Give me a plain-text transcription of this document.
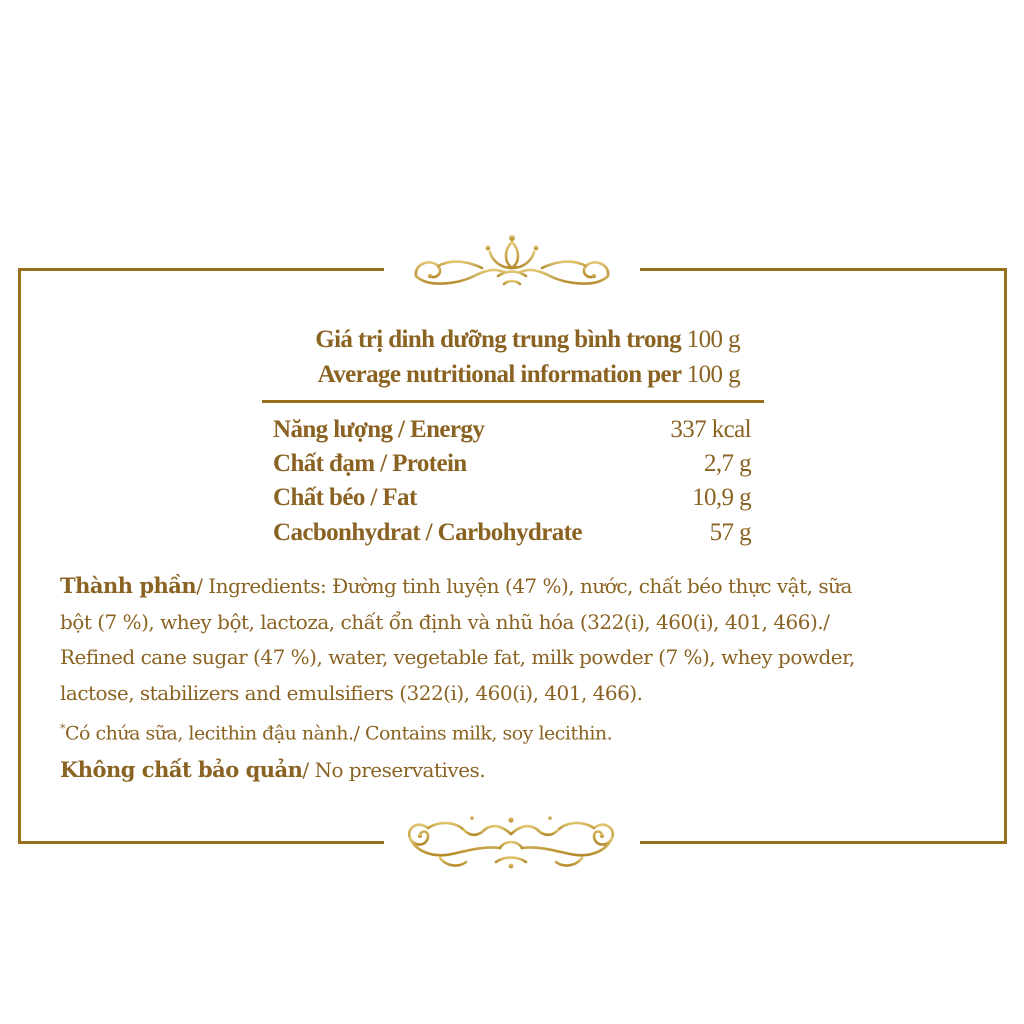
Giá trị dinh dưỡng trung bình trong 100 g
Average nutritional information per 100 g
Năng lượng / Energy	337 kcal
Chất đạm / Protein	2,7 g
Chất béo / Fat	10,9 g
Cacbonhydrat / Carbohydrate	57 g
Thành phần/ Ingredients: Đường tinh luyện (47 %), nước, chất béo thực vật, sữa
bột (7 %), whey bột, lactoza, chất ổn định và nhũ hóa (322(i), 460(i), 401, 466)./
Refined cane sugar (47 %), water, vegetable fat, milk powder (7 %), whey powder,
lactose, stabilizers and emulsifiers (322(i), 460(i), 401, 466).
*Có chứa sữa, lecithin đậu nành./ Contains milk, soy lecithin.
Không chất bảo quản/ No preservatives.
